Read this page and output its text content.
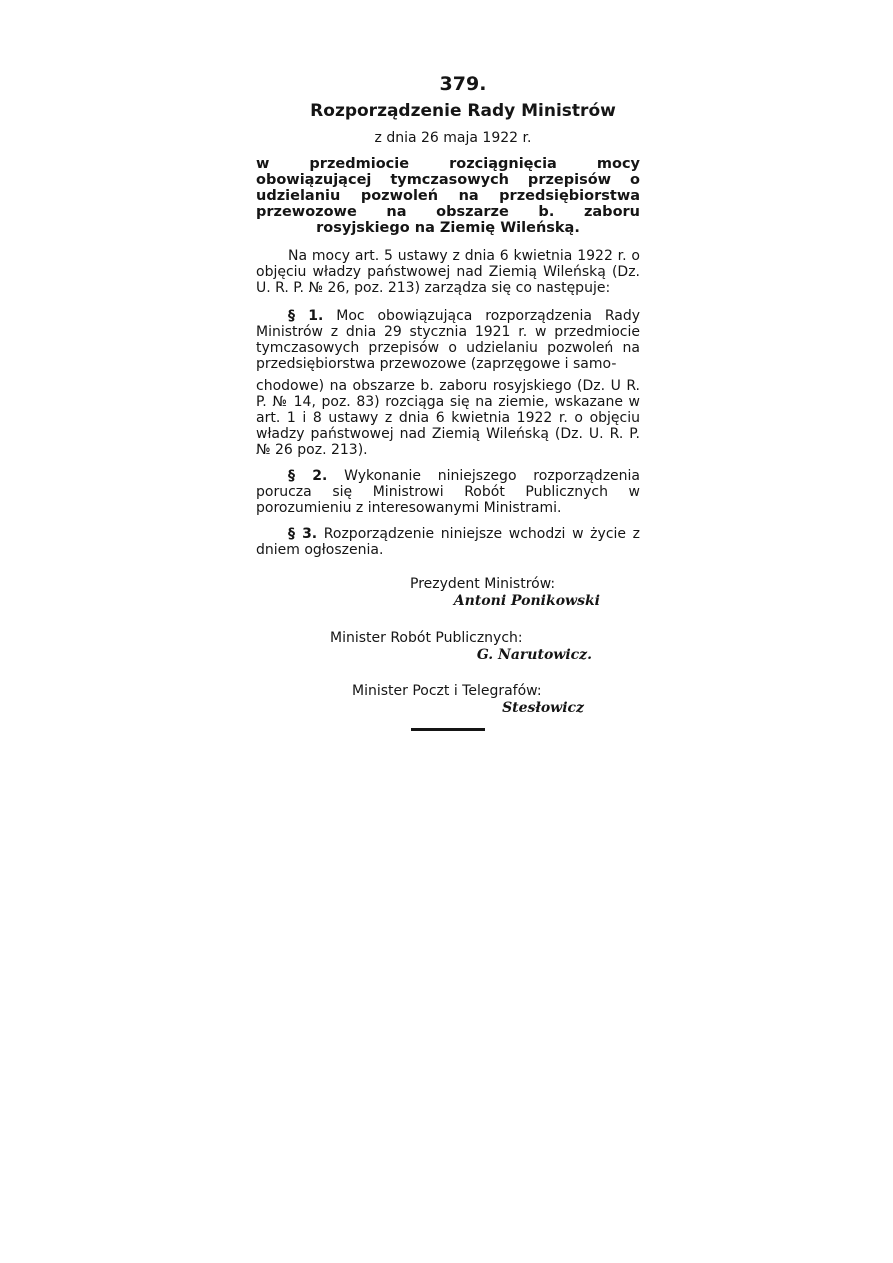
379.
Rozporządzenie Rady Ministrów
z dnia 26 maja 1922 r.
w przedmiocie rozciągnięcia mocy obowiązującej tymczasowych przepisów o udzielaniu pozwoleń na przedsiębiorstwa przewozowe na obszarze b. zaboru rosyjskiego na Ziemię Wileńską.

Na mocy art. 5 ustawy z dnia 6 kwietnia 1922 r. o objęciu władzy państwowej nad Ziemią Wileńską (Dz. U. R. P. № 26, poz. 213) zarządza się co następuje:

§ 1. Moc obowiązująca rozporządzenia Rady Ministrów z dnia 29 stycznia 1921 r. w przedmiocie tymczasowych przepisów o udzielaniu pozwoleń na przedsiębiorstwa przewozowe (zaprzęgowe i samo-

chodowe) na obszarze b. zaboru rosyjskiego (Dz. U R. P. № 14, poz. 83) rozciąga się na ziemie, wskazane w art. 1 i 8 ustawy z dnia 6 kwietnia 1922 r. o objęciu władzy państwowej nad Ziemią Wileńską (Dz. U. R. P. № 26 poz. 213).

§ 2. Wykonanie niniejszego rozporządzenia porucza się Ministrowi Robót Publicznych w porozumieniu z interesowanymi Ministrami.

§ 3. Rozporządzenie niniejsze wchodzi w życie z dniem ogłoszenia.

Prezydent Ministrów:
Antoni Ponikowski
Minister Robót Publicznych:
G. Narutowicz.
Minister Poczt i Telegrafów:
Stesłowicz
